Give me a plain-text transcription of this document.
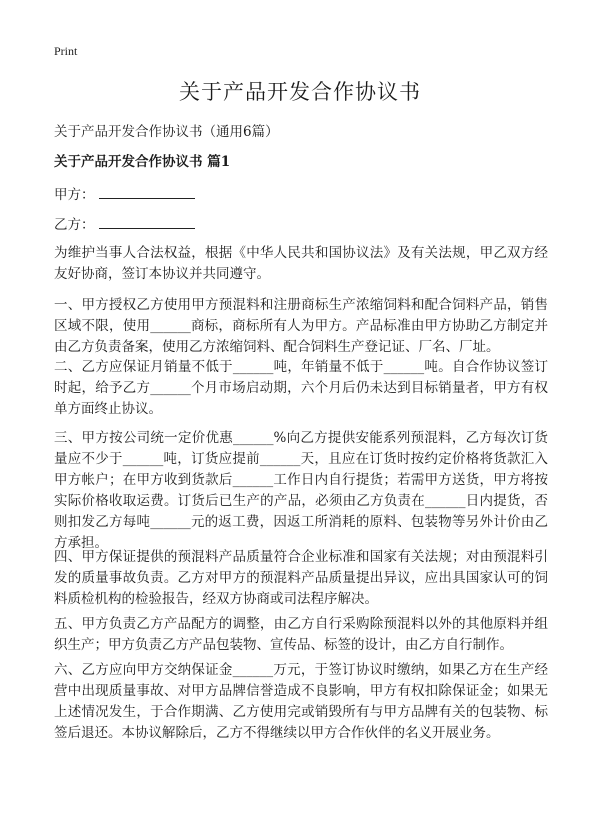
Print
关于产品开发合作协议书
关于产品开发合作协议书（通用6篇）
关于产品开发合作协议书 篇1
甲方：
乙方：

为维护当事人合法权益，根据《中华人民共和国协议法》及有关法规，甲乙双方经友好协商，签订本协议并共同遵守。

一、甲方授权乙方使用甲方预混料和注册商标生产浓缩饲料和配合饲料产品，销售区域不限，使用______商标，商标所有人为甲方。产品标准由甲方协助乙方制定并由乙方负责备案，使用乙方浓缩饲料、配合饲料生产登记证、厂名、厂址。

二、乙方应保证月销量不低于______吨，年销量不低于______吨。自合作协议签订时起，给予乙方______个月市场启动期，六个月后仍未达到目标销量者，甲方有权单方面终止协议。

三、甲方按公司统一定价优惠______%向乙方提供安能系列预混料，乙方每次订货量应不少于______吨，订货应提前______天，且应在订货时按约定价格将货款汇入甲方帐户；在甲方收到货款后______工作日内自行提货；若需甲方送货，甲方将按实际价格收取运费。订货后已生产的产品，必须由乙方负责在______日内提货，否则扣发乙方每吨______元的返工费，因返工所消耗的原料、包装物等另外计价由乙方承担。

四、甲方保证提供的预混料产品质量符合企业标准和国家有关法规；对由预混料引发的质量事故负责。乙方对甲方的预混料产品质量提出异议，应出具国家认可的饲料质检机构的检验报告，经双方协商或司法程序解决。

五、甲方负责乙方产品配方的调整，由乙方自行采购除预混料以外的其他原料并组织生产；甲方负责乙方产品包装物、宣传品、标签的设计，由乙方自行制作。

六、乙方应向甲方交纳保证金______万元，于签订协议时缴纳，如果乙方在生产经营中出现质量事故、对甲方品牌信誉造成不良影响，甲方有权扣除保证金；如果无上述情况发生，于合作期满、乙方使用完或销毁所有与甲方品牌有关的包装物、标签后退还。本协议解除后，乙方不得继续以甲方合作伙伴的名义开展业务。
